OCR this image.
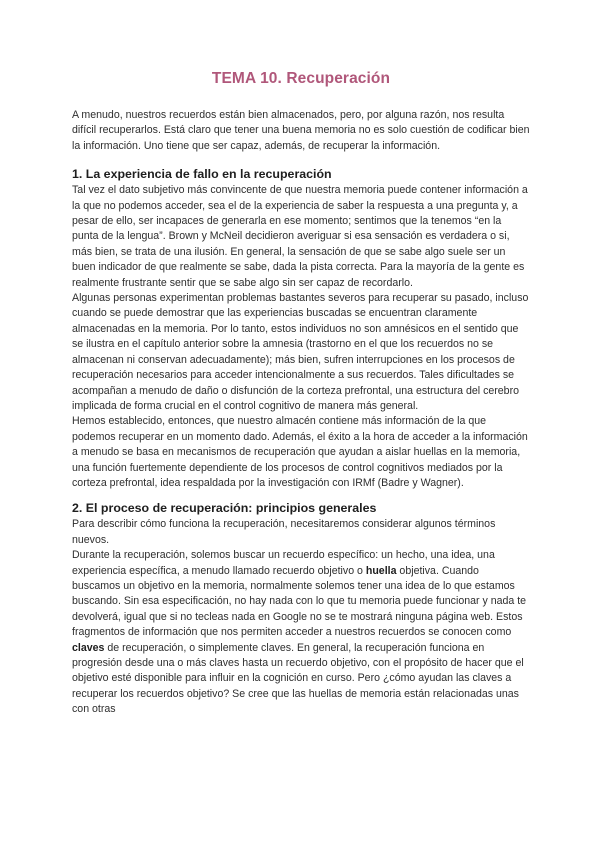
TEMA 10. Recuperación

A menudo, nuestros recuerdos están bien almacenados, pero, por alguna razón, nos resulta difícil recuperarlos. Está claro que tener una buena memoria no es solo cuestión de codificar bien la información. Uno tiene que ser capaz, además, de recuperar la información.

1. La experiencia de fallo en la recuperación

Tal vez el dato subjetivo más convincente de que nuestra memoria puede contener información a la que no podemos acceder, sea el de la experiencia de saber la respuesta a una pregunta y, a pesar de ello, ser incapaces de generarla en ese momento; sentimos que la tenemos “en la punta de la lengua”. Brown y McNeil decidieron averiguar si esa sensación es verdadera o si, más bien, se trata de una ilusión. En general, la sensación de que se sabe algo suele ser un buen indicador de que realmente se sabe, dada la pista correcta. Para la mayoría de la gente es realmente frustrante sentir que se sabe algo sin ser capaz de recordarlo.

Algunas personas experimentan problemas bastantes severos para recuperar su pasado, incluso cuando se puede demostrar que las experiencias buscadas se encuentran claramente almacenadas en la memoria. Por lo tanto, estos individuos no son amnésicos en el sentido que se ilustra en el capítulo anterior sobre la amnesia (trastorno en el que los recuerdos no se almacenan ni conservan adecuadamente); más bien, sufren interrupciones en los procesos de recuperación necesarios para acceder intencionalmente a sus recuerdos. Tales dificultades se acompañan a menudo de daño o disfunción de la corteza prefrontal, una estructura del cerebro implicada de forma crucial en el control cognitivo de manera más general.

Hemos establecido, entonces, que nuestro almacén contiene más información de la que podemos recuperar en un momento dado. Además, el éxito a la hora de acceder a la información a menudo se basa en mecanismos de recuperación que ayudan a aislar huellas en la memoria, una función fuertemente dependiente de los procesos de control cognitivos mediados por la corteza prefrontal, idea respaldada por la investigación con IRMf (Badre y Wagner).

2. El proceso de recuperación: principios generales

Para describir cómo funciona la recuperación, necesitaremos considerar algunos términos nuevos.

Durante la recuperación, solemos buscar un recuerdo específico: un hecho, una idea, una experiencia específica, a menudo llamado recuerdo objetivo o huella objetiva. Cuando buscamos un objetivo en la memoria, normalmente solemos tener una idea de lo que estamos buscando. Sin esa especificación, no hay nada con lo que tu memoria puede funcionar y nada te devolverá, igual que si no tecleas nada en Google no se te mostrará ninguna página web. Estos fragmentos de información que nos permiten acceder a nuestros recuerdos se conocen como claves de recuperación, o simplemente claves. En general, la recuperación funciona en progresión desde una o más claves hasta un recuerdo objetivo, con el propósito de hacer que el objetivo esté disponible para influir en la cognición en curso. Pero ¿cómo ayudan las claves a recuperar los recuerdos objetivo? Se cree que las huellas de memoria están relacionadas unas con otras
